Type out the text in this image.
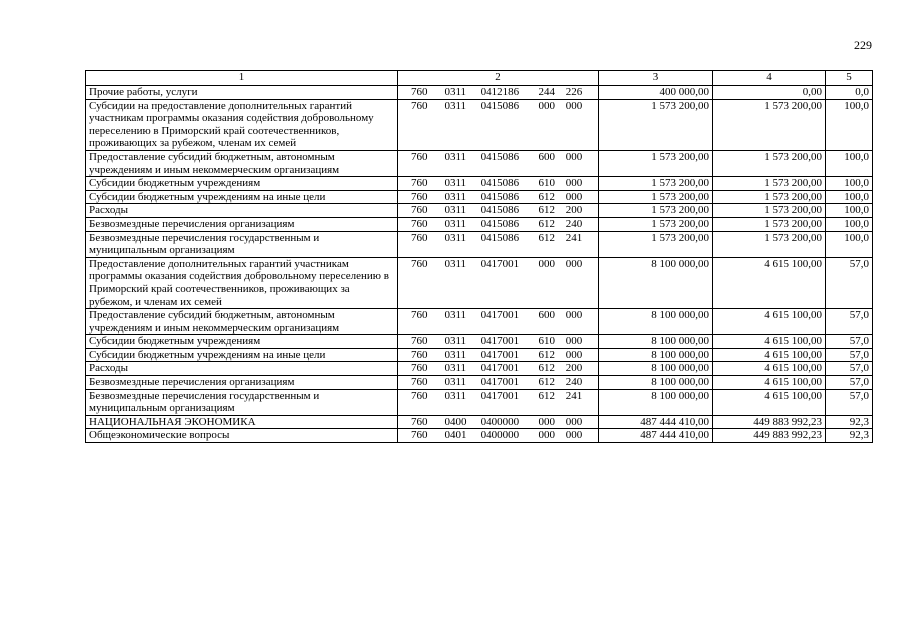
229
1	2	3	4	5
Прочие работы, услуги	760 0311 0412186 244 226	400 000,00	0,00	0,0
Субсидии на предоставление дополнительных гарантий участникам программы оказания содействия добровольному переселению в Приморский край соотечественников, проживающих за рубежом, членам их семей	760 0311 0415086 000 000	1 573 200,00	1 573 200,00	100,0
Предоставление субсидий бюджетным, автономным учреждениям и иным некоммерческим организациям	760 0311 0415086 600 000	1 573 200,00	1 573 200,00	100,0
Субсидии бюджетным учреждениям	760 0311 0415086 610 000	1 573 200,00	1 573 200,00	100,0
Субсидии бюджетным учреждениям на иные цели	760 0311 0415086 612 000	1 573 200,00	1 573 200,00	100,0
Расходы	760 0311 0415086 612 200	1 573 200,00	1 573 200,00	100,0
Безвозмездные перечисления организациям	760 0311 0415086 612 240	1 573 200,00	1 573 200,00	100,0
Безвозмездные перечисления государственным и муниципальным организациям	760 0311 0415086 612 241	1 573 200,00	1 573 200,00	100,0
Предоставление дополнительных гарантий участникам программы оказания содействия добровольному переселению в Приморский край соотечественников, проживающих за рубежом, и членам их семей	760 0311 0417001 000 000	8 100 000,00	4 615 100,00	57,0
Предоставление субсидий бюджетным, автономным учреждениям и иным некоммерческим организациям	760 0311 0417001 600 000	8 100 000,00	4 615 100,00	57,0
Субсидии бюджетным учреждениям	760 0311 0417001 610 000	8 100 000,00	4 615 100,00	57,0
Субсидии бюджетным учреждениям на иные цели	760 0311 0417001 612 000	8 100 000,00	4 615 100,00	57,0
Расходы	760 0311 0417001 612 200	8 100 000,00	4 615 100,00	57,0
Безвозмездные перечисления организациям	760 0311 0417001 612 240	8 100 000,00	4 615 100,00	57,0
Безвозмездные перечисления государственным и муниципальным организациям	760 0311 0417001 612 241	8 100 000,00	4 615 100,00	57,0
НАЦИОНАЛЬНАЯ ЭКОНОМИКА	760 0400 0400000 000 000	487 444 410,00	449 883 992,23	92,3
Общеэкономические вопросы	760 0401 0400000 000 000	487 444 410,00	449 883 992,23	92,3
